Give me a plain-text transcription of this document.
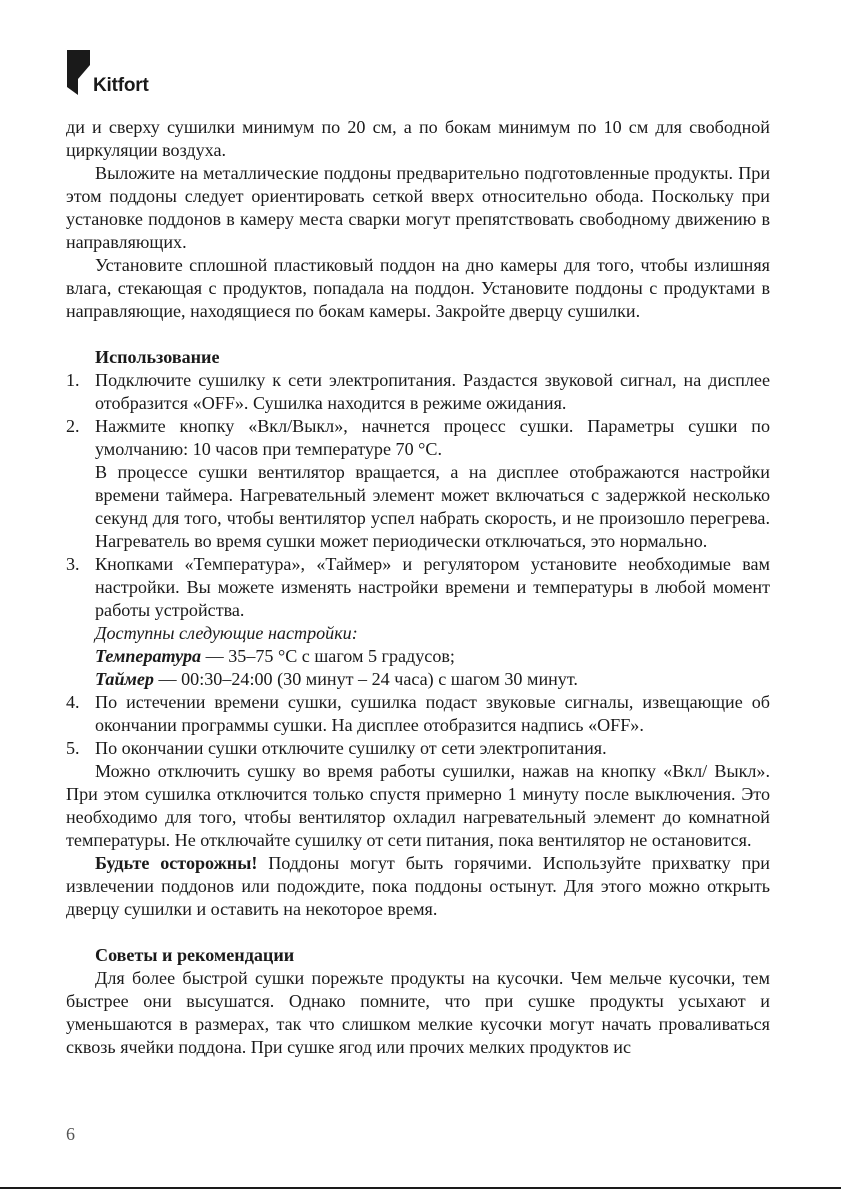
Kitfort

ди и сверху сушилки минимум по 20 см, а по бокам минимум по 10 см для свободной циркуляции воздуха.

Выложите на металлические поддоны предварительно подготовленные продукты. При этом поддоны следует ориентировать сеткой вверх относительно обода. Поскольку при установке поддонов в камеру места сварки могут препятствовать свободному движению в направляющих.

Установите сплошной пластиковый поддон на дно камеры для того, чтобы излишняя влага, стекающая с продуктов, попадала на поддон. Установите поддоны с продуктами в направляющие, находящиеся по бокам камеры. Закройте дверцу сушилки.

Использование

1. Подключите сушилку к сети электропитания. Раздастся звуковой сигнал, на дисплее отобразится «OFF». Сушилка находится в режиме ожидания.

2. Нажмите кнопку «Вкл/Выкл», начнется процесс сушки. Параметры сушки по умолчанию: 10 часов при температуре 70 °С.

В процессе сушки вентилятор вращается, а на дисплее отображаются настройки времени таймера. Нагревательный элемент может включаться с задержкой несколько секунд для того, чтобы вентилятор успел набрать скорость, и не произошло перегрева. Нагреватель во время сушки может периодически отключаться, это нормально.

3. Кнопками «Температура», «Таймер» и регулятором установите необходимые вам настройки. Вы можете изменять настройки времени и температуры в любой момент работы устройства.

Доступны следующие настройки:

Температура — 35–75 °С с шагом 5 градусов;

Таймер — 00:30–24:00 (30 минут – 24 часа) с шагом 30 минут.

4. По истечении времени сушки, сушилка подаст звуковые сигналы, извещающие об окончании программы сушки. На дисплее отобразится надпись «OFF».

5. По окончании сушки отключите сушилку от сети электропитания.

Можно отключить сушку во время работы сушилки, нажав на кнопку «Вкл/ Выкл». При этом сушилка отключится только спустя примерно 1 минуту после выключения. Это необходимо для того, чтобы вентилятор охладил нагревательный элемент до комнатной температуры. Не отключайте сушилку от сети питания, пока вентилятор не остановится.

Будьте осторожны! Поддоны могут быть горячими. Используйте прихватку при извлечении поддонов или подождите, пока поддоны остынут. Для этого можно открыть дверцу сушилки и оставить на некоторое время.

Советы и рекомендации

Для более быстрой сушки порежьте продукты на кусочки. Чем мельче кусочки, тем быстрее они высушатся. Однако помните, что при сушке продукты усыхают и уменьшаются в размерах, так что слишком мелкие кусочки могут начать проваливаться сквозь ячейки поддона. При сушке ягод или прочих мелких продуктов ис

6
